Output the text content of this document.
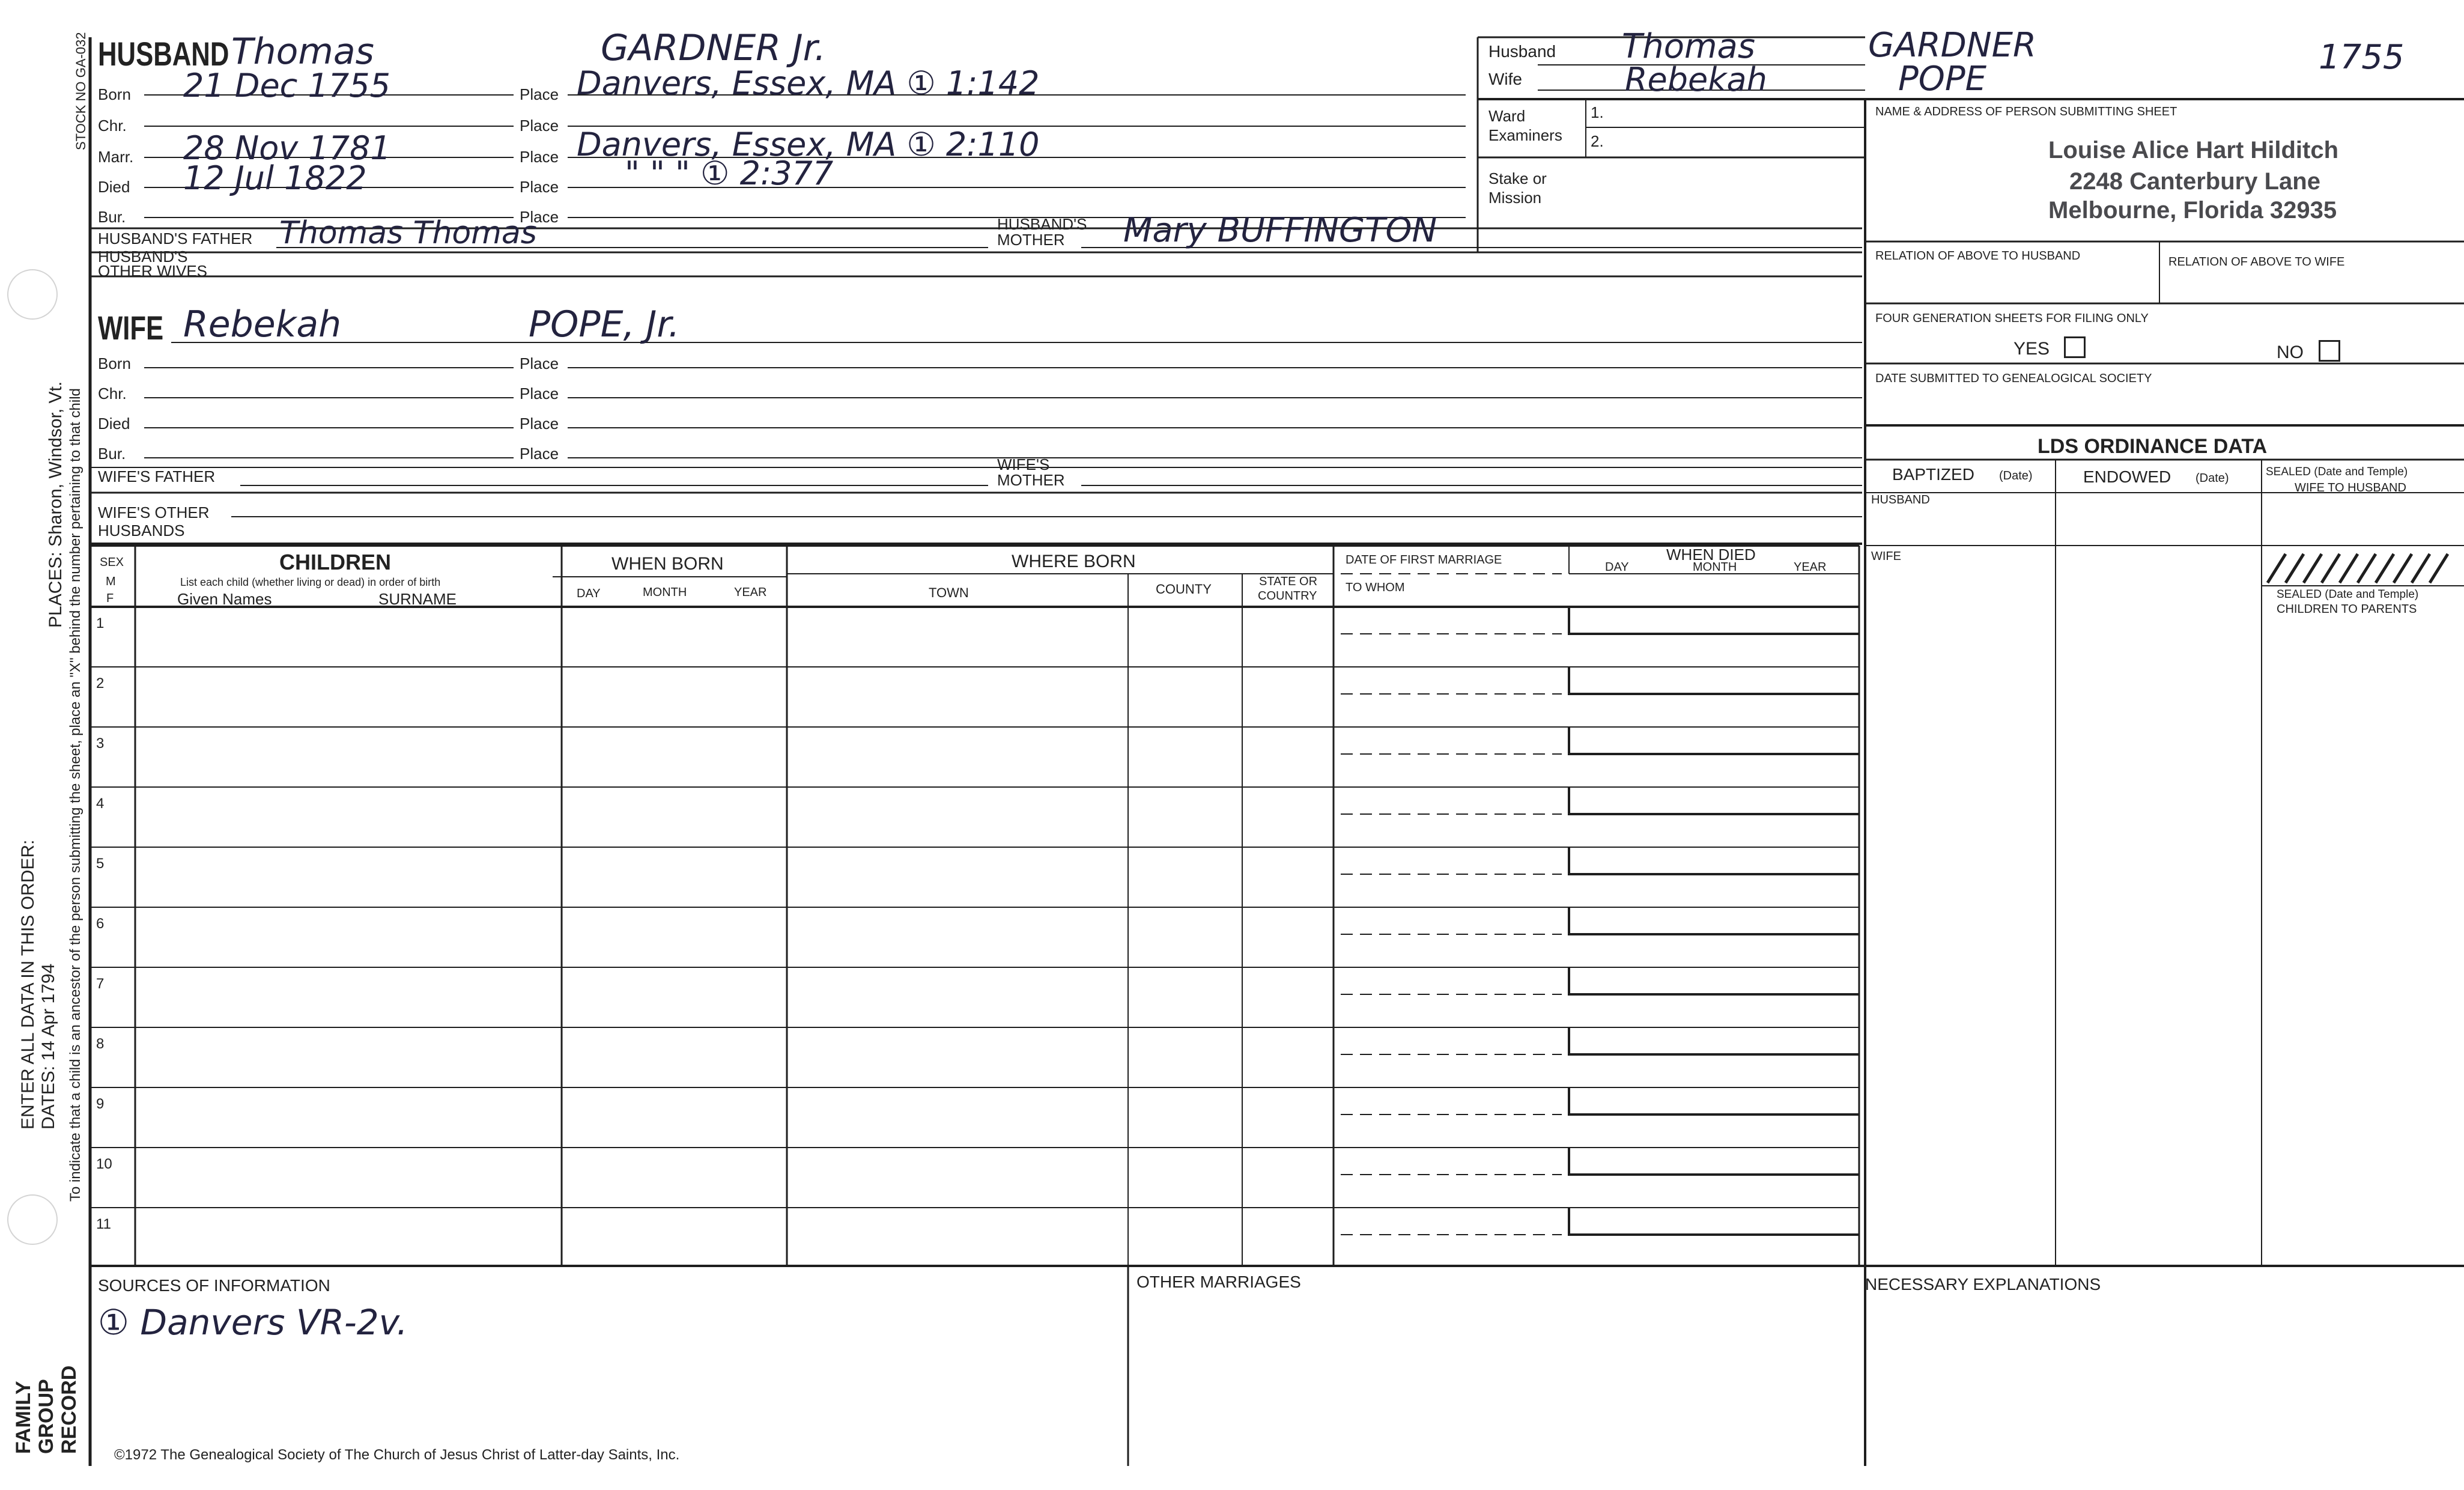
STOCK NO GA-032
PLACES: Sharon, Windsor, Vt. To indicate that a child is an ancestor of the person submitting the sheet, place an "X" behind the number pertaining to that child
ENTER ALL DATA IN THIS ORDER: DATES: 14 Apr 1794
FAMILY GROUP RECORD
HUSBAND Thomas	GARDNER Jr.
Born 21 Dec 1755	Place Danvers, Essex, MA ① 1:142
Chr.	Place
Marr. 28 Nov 1781	Place Danvers, Essex, MA ① 2:110
Died 12 Jul 1822	Place " " " ① 2:377
Bur.	Place
HUSBAND'S FATHER Thomas Thomas	HUSBAND'S
MOTHER Mary BUFFINGTON
HUSBAND'S
OTHER WIVES
WIFE Rebekah	POPE, Jr.
Born	Place
Chr.	Place
Died	Place
Bur.	Place
WIFE'S FATHER
WIFE'S
MOTHER
WIFE'S OTHER
HUSBANDS
Husband Thomas	GARDNER	1755
Wife	Rebekah	POPE
Ward
Examiners
1.
2.
Stake or
Mission
NAME & ADDRESS OF PERSON SUBMITTING SHEET
Louise Alice Hart Hilditch
2248 Canterbury Lane
Melbourne, Florida 32935
RELATION OF ABOVE TO HUSBAND	RELATION OF ABOVE TO WIFE
FOUR GENERATION SHEETS FOR FILING ONLY
YES	NO
DATE SUBMITTED TO GENEALOGICAL SOCIETY
LDS ORDINANCE DATA
BAPTIZED (Date)	ENDOWED (Date)	SEALED (Date and Temple)
WIFE TO HUSBAND
HUSBAND
WIFE
SEALED (Date and Temple)
CHILDREN TO PARENTS
SEX
M
F
CHILDREN
List each child (whether living or dead) in order of birth
Given Names	SURNAME
WHEN BORN
DAY	MONTH	YEAR
WHERE BORN
TOWN	COUNTY	STATE OR
COUNTRY
DATE OF FIRST MARRIAGE
TO WHOM
WHEN DIED
DAY	MONTH	YEAR
1
2
3
4
5
6
7
8
9
10
11
SOURCES OF INFORMATION
① Danvers VR-2v.
OTHER MARRIAGES	NECESSARY EXPLANATIONS
©1972 The Genealogical Society of The Church of Jesus Christ of Latter-day Saints, Inc.
